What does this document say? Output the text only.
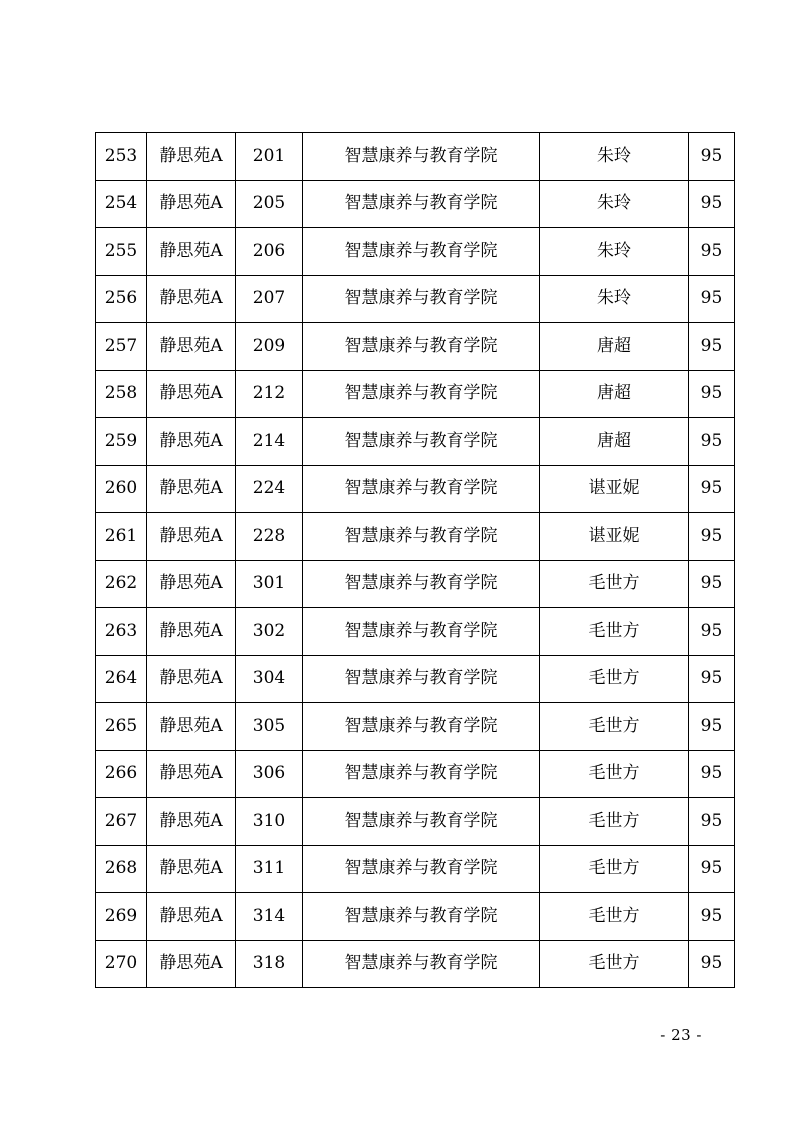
253	静思苑A	201	智慧康养与教育学院	朱玲	95
254	静思苑A	205	智慧康养与教育学院	朱玲	95
255	静思苑A	206	智慧康养与教育学院	朱玲	95
256	静思苑A	207	智慧康养与教育学院	朱玲	95
257	静思苑A	209	智慧康养与教育学院	唐超	95
258	静思苑A	212	智慧康养与教育学院	唐超	95
259	静思苑A	214	智慧康养与教育学院	唐超	95
260	静思苑A	224	智慧康养与教育学院	谌亚妮	95
261	静思苑A	228	智慧康养与教育学院	谌亚妮	95
262	静思苑A	301	智慧康养与教育学院	毛世方	95
263	静思苑A	302	智慧康养与教育学院	毛世方	95
264	静思苑A	304	智慧康养与教育学院	毛世方	95
265	静思苑A	305	智慧康养与教育学院	毛世方	95
266	静思苑A	306	智慧康养与教育学院	毛世方	95
267	静思苑A	310	智慧康养与教育学院	毛世方	95
268	静思苑A	311	智慧康养与教育学院	毛世方	95
269	静思苑A	314	智慧康养与教育学院	毛世方	95
270	静思苑A	318	智慧康养与教育学院	毛世方	95
- 23 -
